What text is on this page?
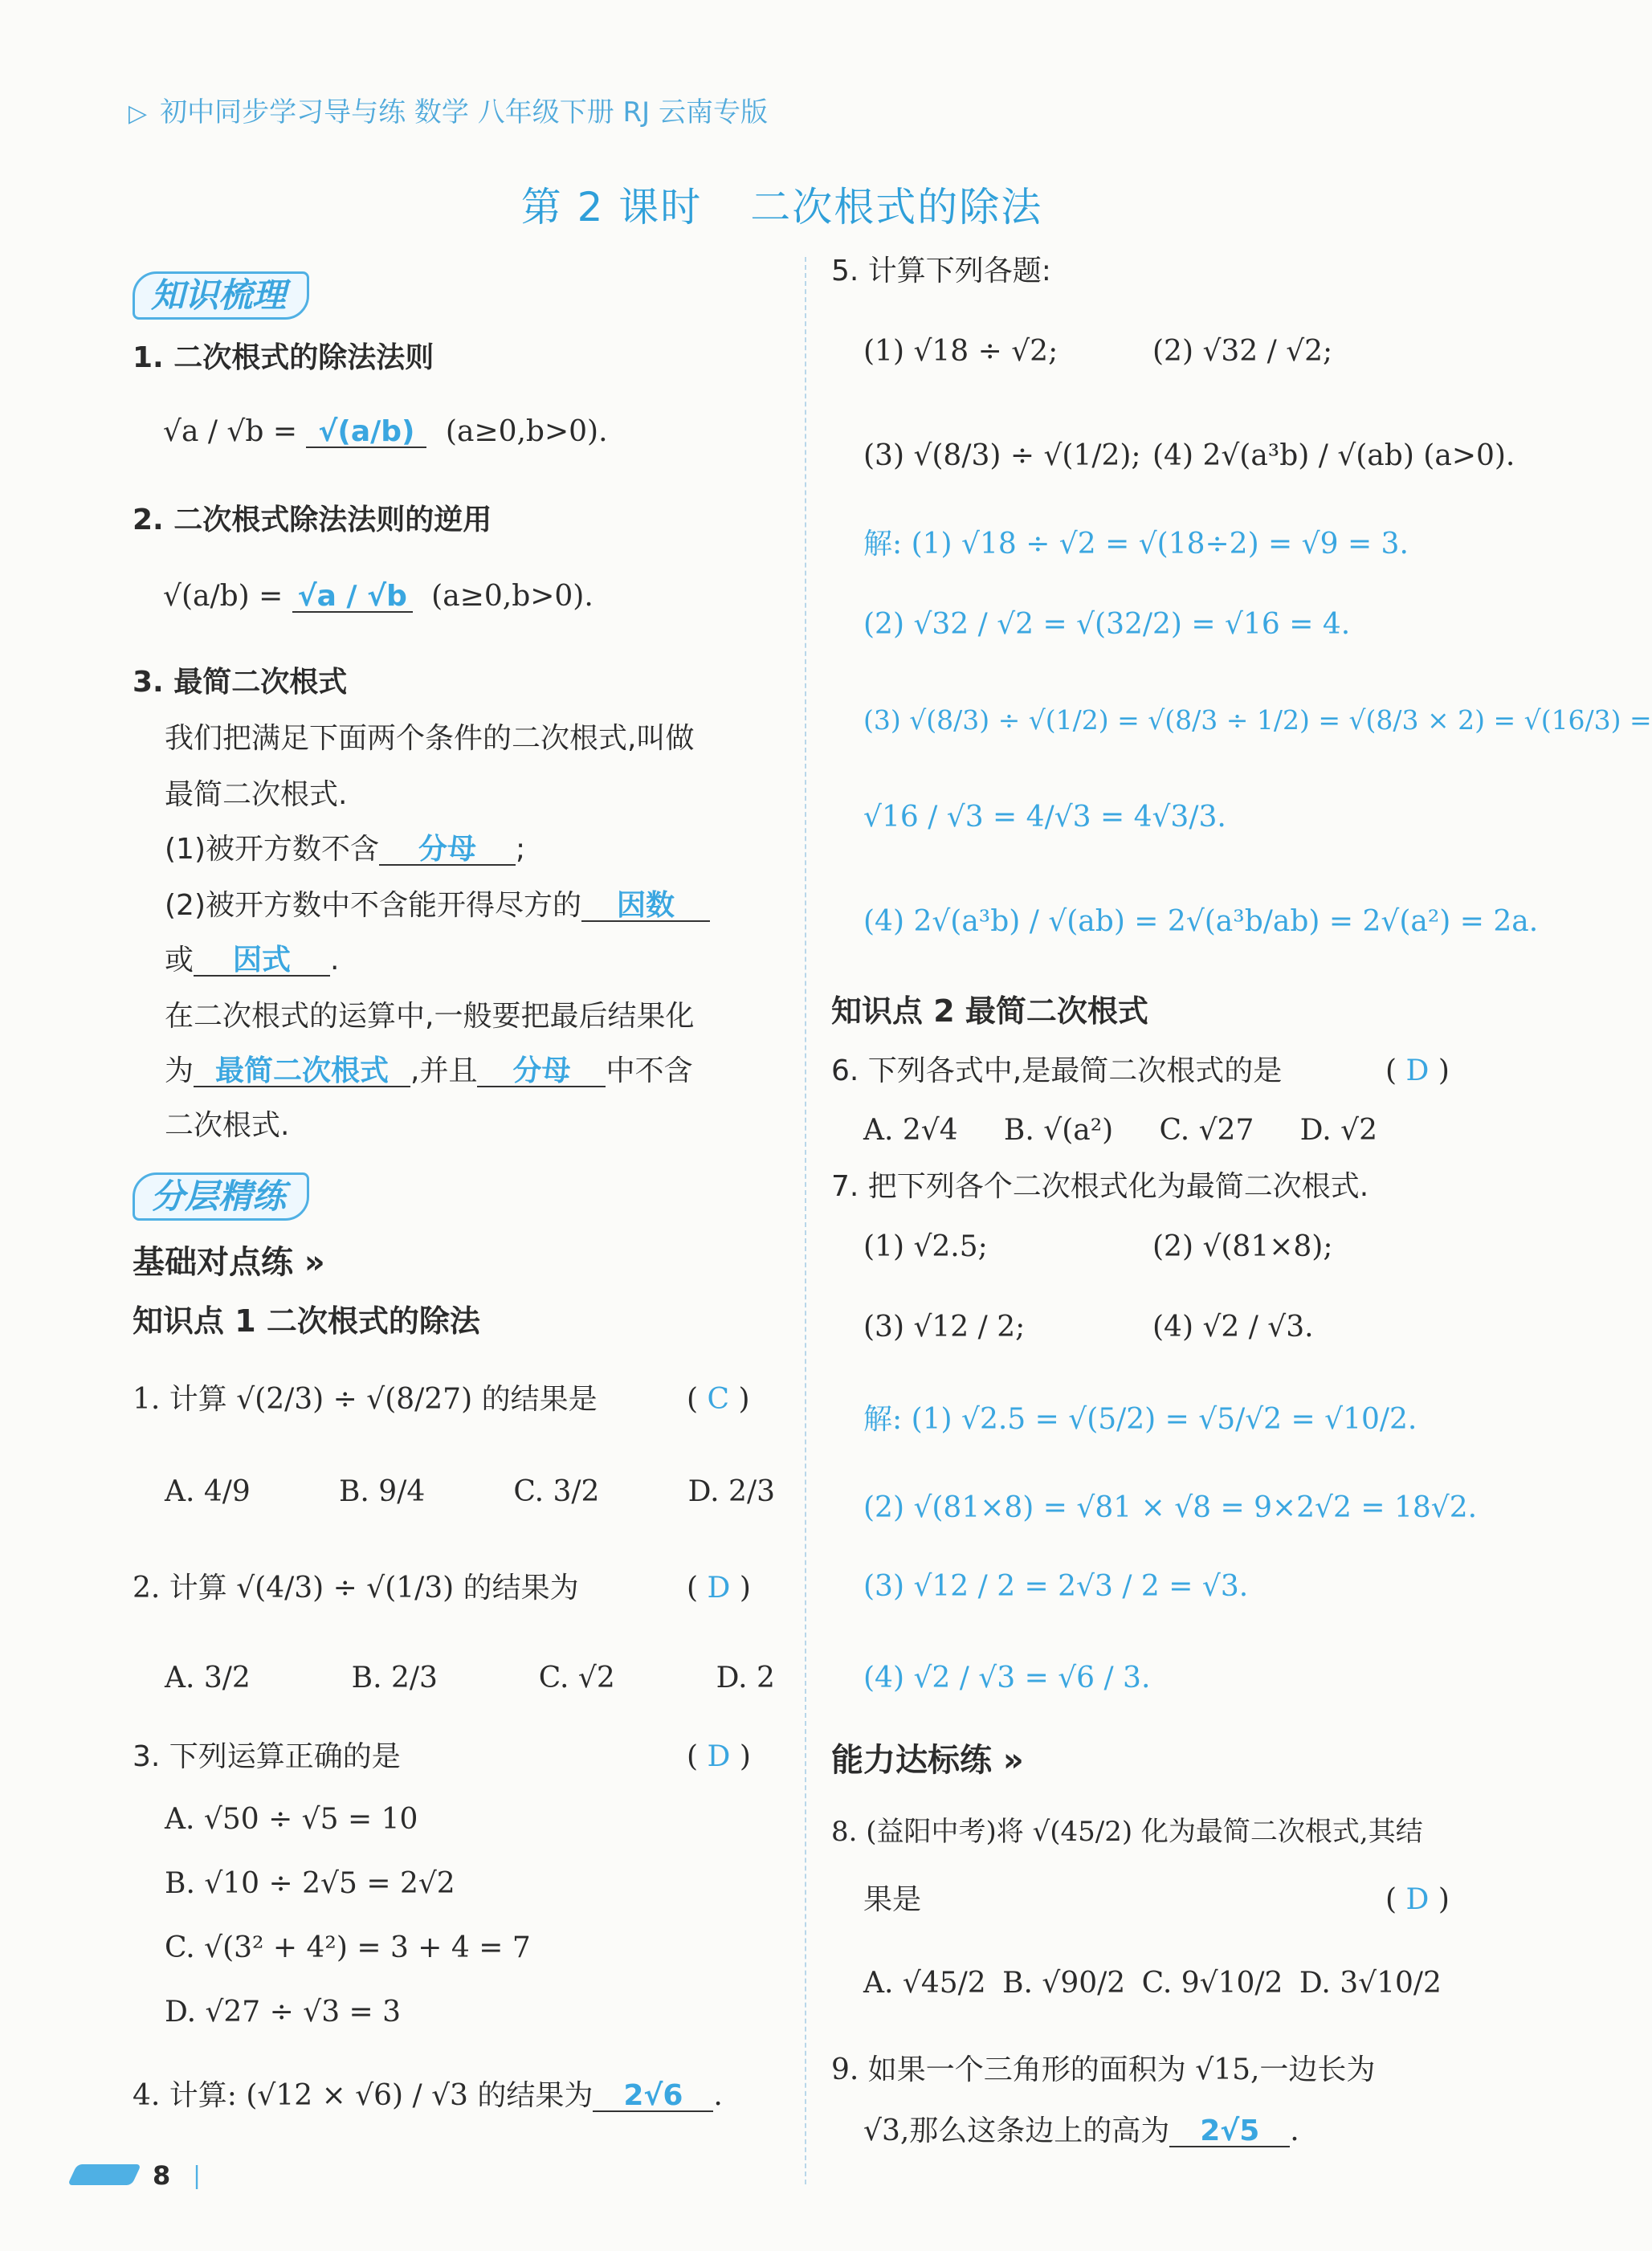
▷ 初中同步学习导与练 数学 八年级下册 RJ 云南专版
第 2 课时 二次根式的除法
知识梳理
1. 二次根式的除法法则
√a / √b = √(a/b) (a≥0,b>0).
2. 二次根式除法法则的逆用
√(a/b) = √a / √b (a≥0,b>0).
3. 最简二次根式
我们把满足下面两个条件的二次根式,叫做
最简二次根式.
(1)被开方数不含 分母 ;
(2)被开方数中不含能开得尽方的 因数
或 因式 .
在二次根式的运算中,一般要把最后结果化
为 最简二次根式 ,并且 分母 中不含
二次根式.
分层精练
基础对点练 »
知识点 1 二次根式的除法
1. 计算 √(2/3) ÷ √(8/27) 的结果是	( C )
A. 4/9	B. 9/4	C. 3/2	D. 2/3
2. 计算 √(4/3) ÷ √(1/3) 的结果为	( D )
A. 3/2	B. 2/3	C. √2	D. 2
3. 下列运算正确的是	( D )
A. √50 ÷ √5 = 10
B. √10 ÷ 2√5 = 2√2
C. √(3² + 4²) = 3 + 4 = 7
D. √27 ÷ √3 = 3
4. 计算: (√12 × √6) / √3 的结果为 2√6 .
5. 计算下列各题:
(1) √18 ÷ √2;	(2) √32 / √2;
(3) √(8/3) ÷ √(1/2); (4) 2√(a³b) / √(ab) (a>0).
解: (1) √18 ÷ √2 = √(18÷2) = √9 = 3.
(2) √32 / √2 = √(32/2) = √16 = 4.
(3) √(8/3) ÷ √(1/2) = √(8/3 ÷ 1/2) = √(8/3 × 2) = √(16/3) =
√16 / √3 = 4/√3 = 4√3/3.
(4) 2√(a³b) / √(ab) = 2√(a³b/ab) = 2√(a²) = 2a.
知识点 2 最简二次根式
6. 下列各式中,是最简二次根式的是	( D )
A. 2√4 B. √(a²) C. √27 D. √2
7. 把下列各个二次根式化为最简二次根式.
(1) √2.5;	(2) √(81×8);
(3) √12 / 2;	(4) √2 / √3.
解: (1) √2.5 = √(5/2) = √5/√2 = √10/2.
(2) √(81×8) = √81 × √8 = 9×2√2 = 18√2.
(3) √12 / 2 = 2√3 / 2 = √3.
(4) √2 / √3 = √6 / 3.
能力达标练 »
8. (益阳中考)将 √(45/2) 化为最简二次根式,其结
果是	( D )
A. √45/2 B. √90/2 C. 9√10/2 D. 3√10/2
9. 如果一个三角形的面积为 √15,一边长为
√3,那么这条边上的高为 2√5 .
8 |
